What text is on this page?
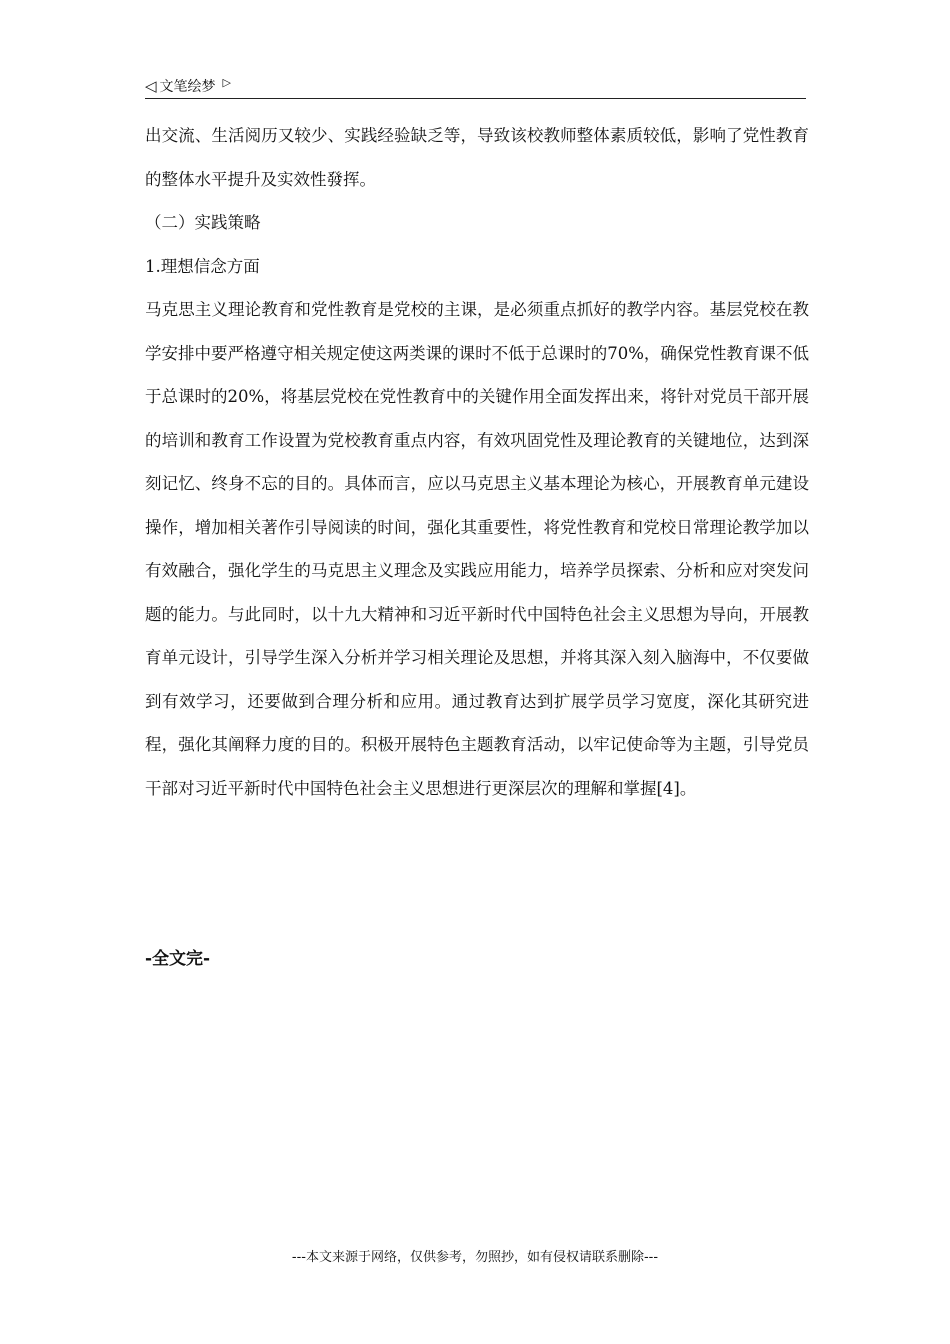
◁ 文笔绘梦 ▷

出交流、生活阅历又较少、实践经验缺乏等，导致该校教师整体素质较低，影响了党性教育的整体水平提升及实效性發挥。

（二）实践策略

1.理想信念方面

马克思主义理论教育和党性教育是党校的主课，是必须重点抓好的教学内容。基层党校在教学安排中要严格遵守相关规定使这两类课的课时不低于总课时的70%，确保党性教育课不低于总课时的20%，将基层党校在党性教育中的关键作用全面发挥出来，将针对党员干部开展的培训和教育工作设置为党校教育重点内容，有效巩固党性及理论教育的关键地位，达到深刻记忆、终身不忘的目的。具体而言，应以马克思主义基本理论为核心，开展教育单元建设操作，增加相关著作引导阅读的时间，强化其重要性，将党性教育和党校日常理论教学加以有效融合，强化学生的马克思主义理念及实践应用能力，培养学员探索、分析和应对突发问题的能力。与此同时，以十九大精神和习近平新时代中国特色社会主义思想为导向，开展教育单元设计，引导学生深入分析并学习相关理论及思想，并将其深入刻入脑海中，不仅要做到有效学习，还要做到合理分析和应用。通过教育达到扩展学员学习宽度，深化其研究进程，强化其阐释力度的目的。积极开展特色主题教育活动，以牢记使命等为主题，引导党员干部对习近平新时代中国特色社会主义思想进行更深层次的理解和掌握[4]。

-全文完-
---本文来源于网络，仅供参考，勿照抄，如有侵权请联系删除---
